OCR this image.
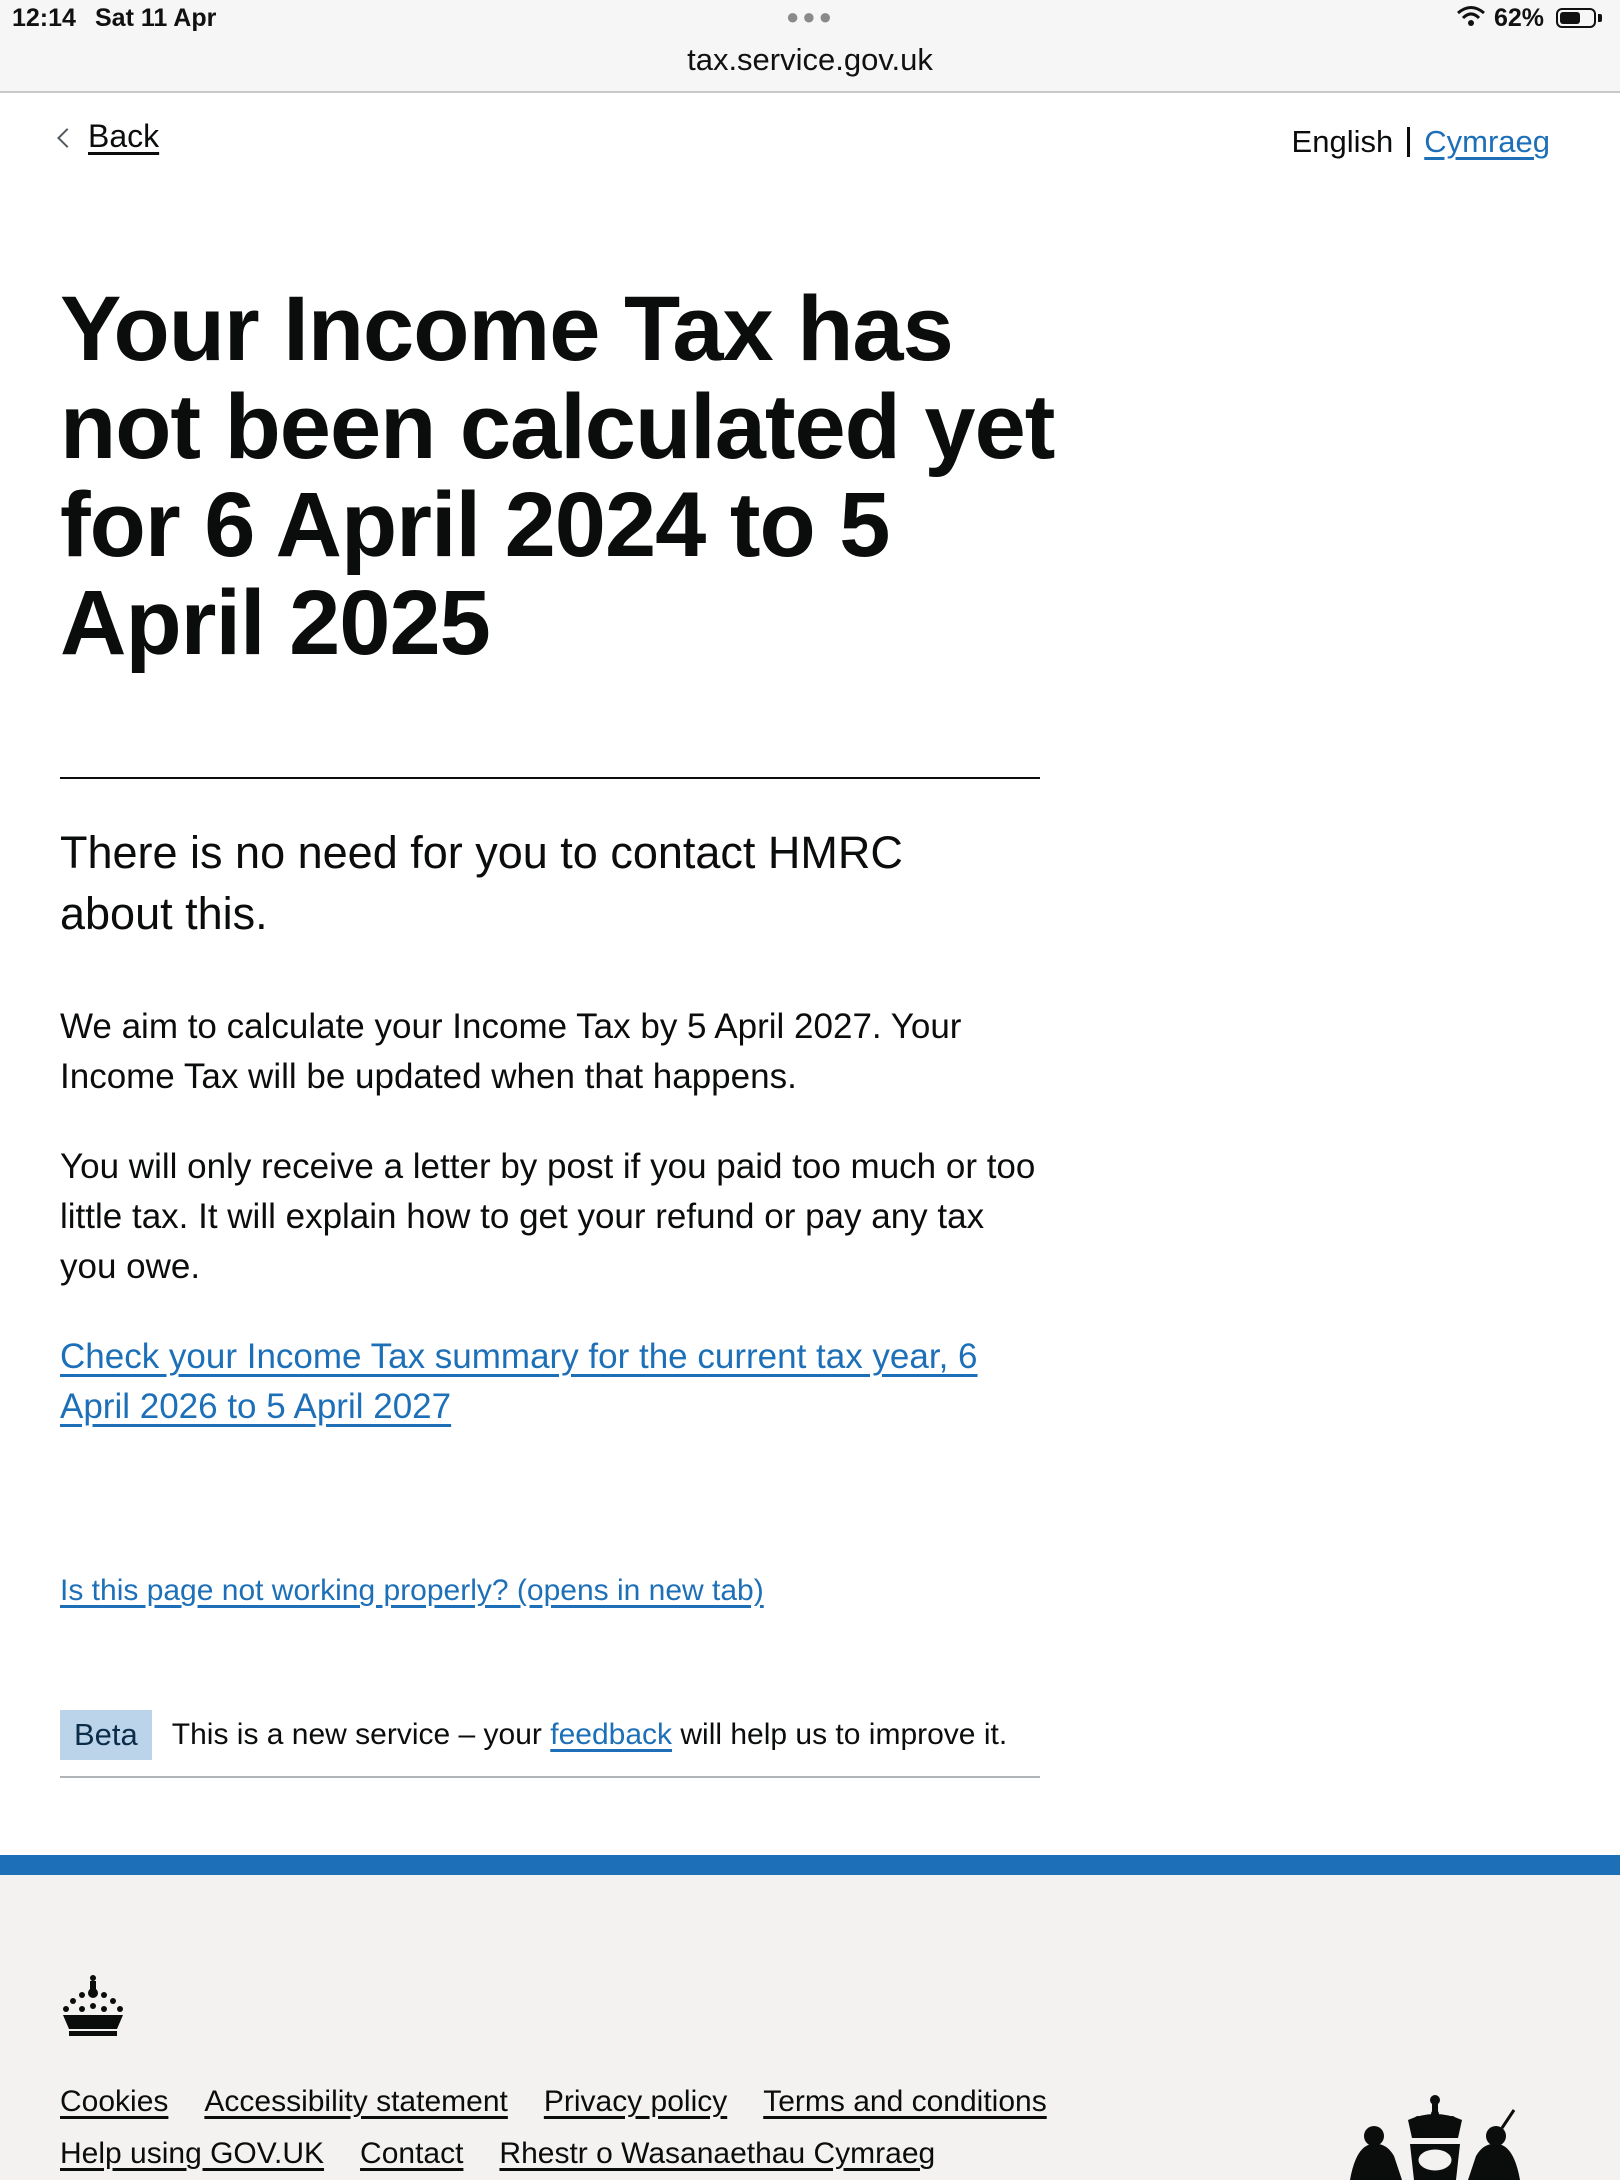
12:14 Sat 11 Apr	●●●	62%
tax.service.gov.uk
Back	English Cymraeg
Your Income Tax has not been calculated yet for 6 April 2024 to 5 April 2025

There is no need for you to contact HMRC about this.

We aim to calculate your Income Tax by 5 April 2027. Your Income Tax will be updated when that happens.

You will only receive a letter by post if you paid too much or too little tax. It will explain how to get your refund or pay any tax you owe.

Check your Income Tax summary for the current tax year, 6 April 2026 to 5 April 2027
Is this page not working properly? (opens in new tab)
Beta	This is a new service – your feedback will help us to improve it.
Cookies Accessibility statement Privacy policy Terms and conditions
Help using GOV.UK Contact Rhestr o Wasanaethau Cymraeg
